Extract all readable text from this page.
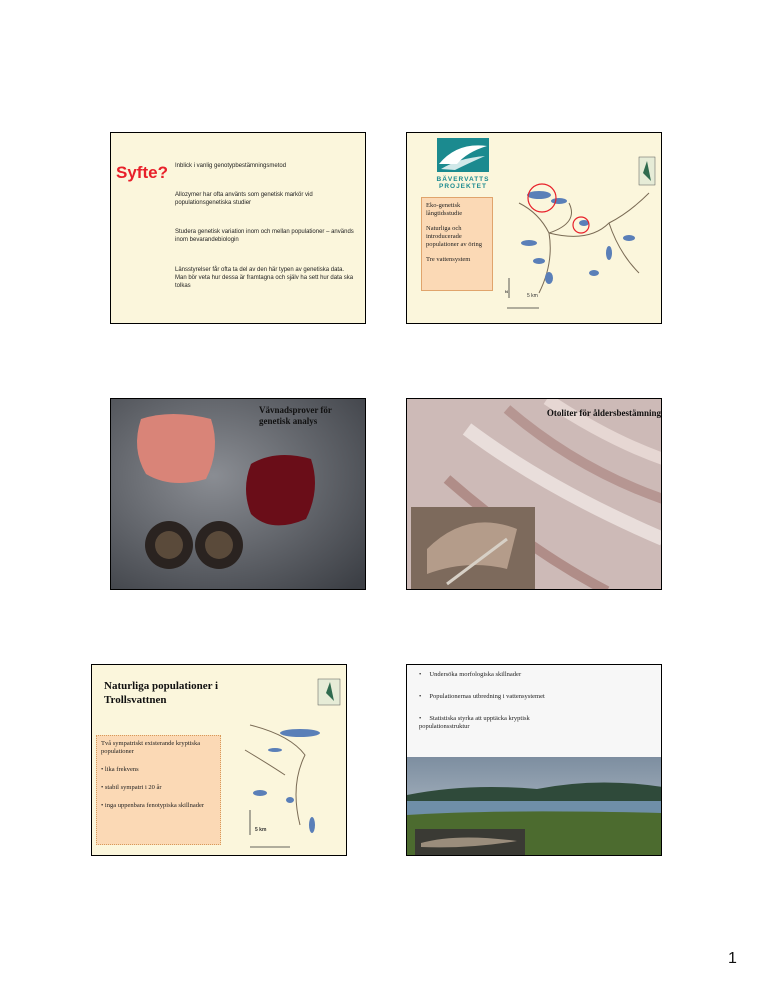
Syfte? Inblick i vanlig genotypbestämningsmetod
Allozymer har ofta använts som genetisk markör vid populationsgenetiska studier
Studera genetisk variation inom och mellan populationer – används inom bevarandebiologin
Länsstyrelser får ofta ta del av den här typen av genetiska data. Man bör veta hur dessa är framtagna och själv ha sett hur data ska tolkas
BÄVERVATTS
PROJEKTET
Eko-genetisk långtidsstudie
Naturliga och introducerade populationer av öring
Tre vattensystem
N
5 km
Vävnadsprover för genetisk analys
Otoliter för åldersbestämning
Naturliga populationer i Trollsvattnen
Två sympatriskt existerande kryptiska populationer
• lika frekvens
• stabil sympatri i 20 år
• inga uppenbara fenotypiska skillnader
5 km
•     Undersöka morfologiska skillnader
•     Populationernas utbredning i vattensystemet
•     Statistiska styrka att upptäcka kryptisk populationsstruktur
1
